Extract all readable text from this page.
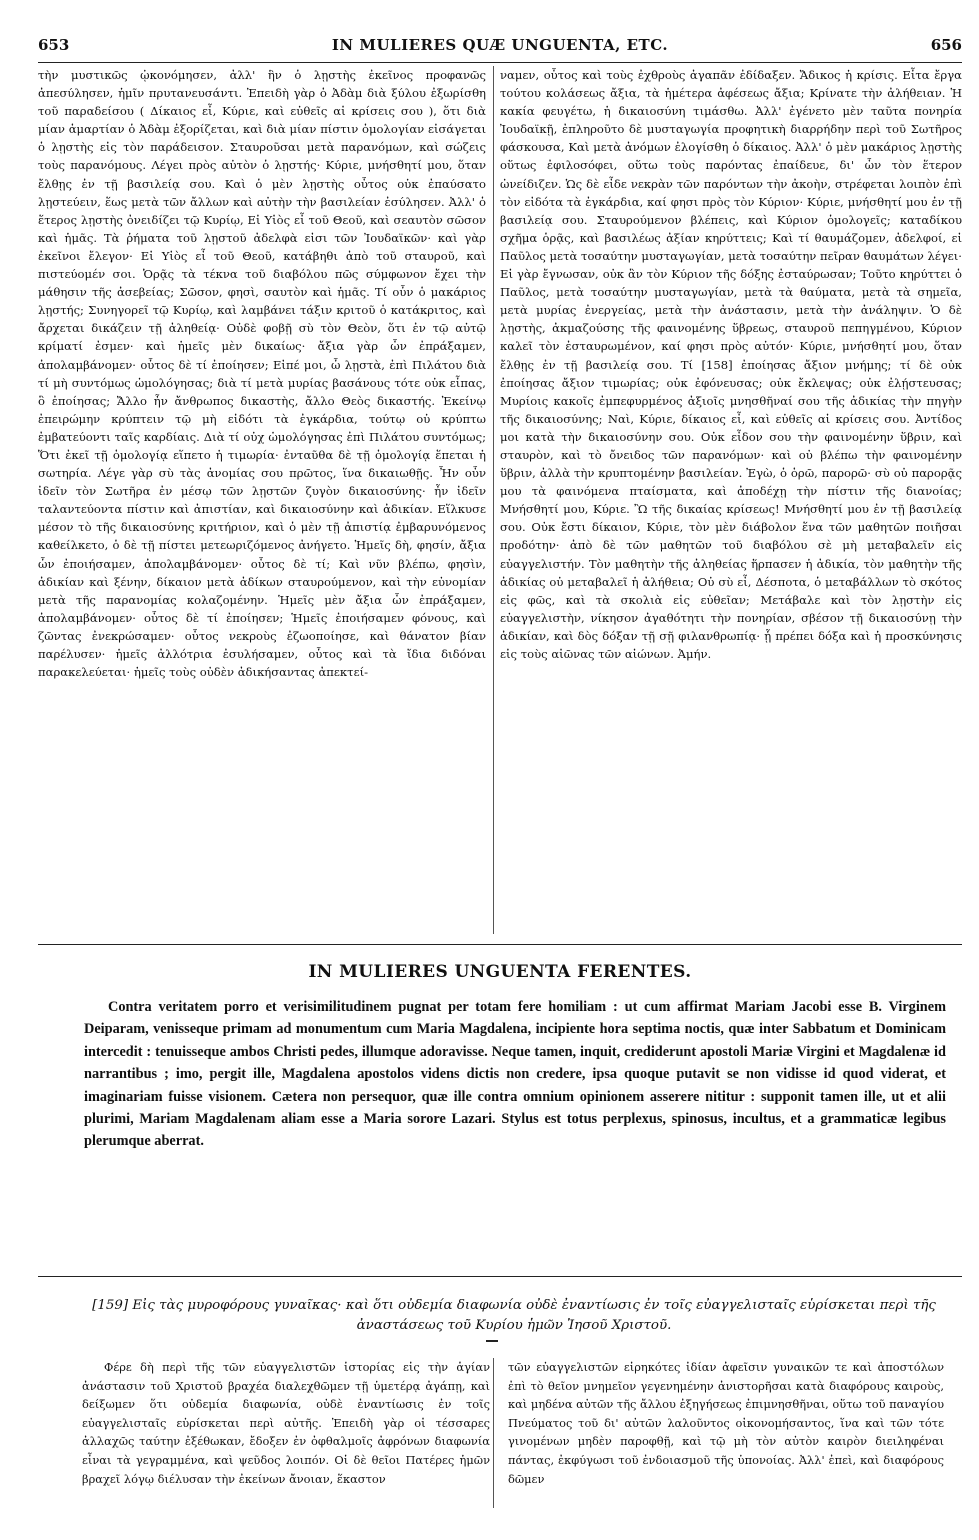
653	IN MULIERES QUÆ UNGUENTA, ETC.	656

τὴν μυστικῶς ᾠκονόμησεν, ἀλλ' ἣν ὁ λῃστὴς ἐκεῖνος προφανῶς ἀπεσύλησεν, ἡμῖν πρυτανευσάντι. Ἐπειδὴ γὰρ ὁ Ἀδὰμ διὰ ξύλου ἐξωρίσθη τοῦ παραδείσου ( Δίκαιος εἶ, Κύριε, καὶ εὐθεῖς αἱ κρίσεις σου ), ὅτι διὰ μίαν ἁμαρτίαν ὁ Ἀδὰμ ἐξορίζεται, καὶ διὰ μίαν πίστιν ὁμολογίαν εἰσάγεται ὁ λῃστὴς εἰς τὸν παράδεισον. Σταυροῦσαι μετὰ παρανόμων, καὶ σώζεις τοὺς παρανόμους. Λέγει πρὸς αὐτὸν ὁ λῃστής· Κύριε, μνήσθητί μου, ὅταν ἔλθῃς ἐν τῇ βασιλείᾳ σου. Καὶ ὁ μὲν λῃστὴς οὗτος οὐκ ἐπαύσατο λῃστεύειν, ἕως μετὰ τῶν ἄλλων καὶ αὐτὴν τὴν βασιλείαν ἐσύλησεν. Ἀλλ' ὁ ἕτερος λῃστὴς ὀνειδίζει τῷ Κυρίῳ, Εἰ Υἱὸς εἶ τοῦ Θεοῦ, καὶ σεαυτὸν σῶσον καὶ ἡμᾶς. Τὰ ῥήματα τοῦ λῃστοῦ ἀδελφὰ εἰσι τῶν Ἰουδαϊκῶν· καὶ γὰρ ἐκεῖνοι ἔλεγον· Εἰ Υἱὸς εἶ τοῦ Θεοῦ, κατάβηθι ἀπὸ τοῦ σταυροῦ, καὶ πιστεύομέν σοι. Ὁρᾷς τὰ τέκνα τοῦ διαβόλου πῶς σύμφωνον ἔχει τὴν μάθησιν τῆς ἀσεβείας; Σῶσον, φησὶ, σαυτὸν καὶ ἡμᾶς. Τί οὖν ὁ μακάριος λῃστής; Συνηγορεῖ τῷ Κυρίῳ, καὶ λαμβάνει τάξιν κριτοῦ ὁ κατάκριτος, καὶ ἄρχεται δικάζειν τῇ ἀληθείᾳ· Οὐδὲ φοβῇ σὺ τὸν Θεὸν, ὅτι ἐν τῷ αὐτῷ κρίματί ἐσμεν· καὶ ἡμεῖς μὲν δικαίως· ἄξια γὰρ ὧν ἐπράξαμεν, ἀπολαμβάνομεν· οὗτος δὲ τί ἐποίησεν; Εἰπέ μοι, ὦ λῃστὰ, ἐπὶ Πιλάτου διὰ τί μὴ συντόμως ὡμολόγησας; διὰ τί μετὰ μυρίας βασάνους τότε οὐκ εἶπας, ὃ ἐποίησας; Ἄλλο ἦν ἄνθρωπος δικαστὴς, ἄλλο Θεὸς δικαστής. Ἐκείνῳ ἐπειρώμην κρύπτειν τῷ μὴ εἰδότι τὰ ἐγκάρδια, τούτῳ οὐ κρύπτω ἐμβατεύοντι ταῖς καρδίαις. Διὰ τί οὐχ ὡμολόγησας ἐπὶ Πιλάτου συντόμως; Ὅτι ἐκεῖ τῇ ὁμολογίᾳ εἵπετο ἡ τιμωρία· ἐνταῦθα δὲ τῇ ὁμολογίᾳ ἕπεται ἡ σωτηρία. Λέγε γὰρ σὺ τὰς ἀνομίας σου πρῶτος, ἵνα δικαιωθῇς. Ἦν οὖν ἰδεῖν τὸν Σωτῆρα ἐν μέσῳ τῶν λῃστῶν ζυγὸν δικαιοσύνης· ἦν ἰδεῖν ταλαντεύοντα πίστιν καὶ ἀπιστίαν, καὶ δικαιοσύνην καὶ ἀδικίαν. Εἵλκυσε μέσον τὸ τῆς δικαιοσύνης κριτήριον, καὶ ὁ μὲν τῇ ἀπιστίᾳ ἐμβαρυνόμενος καθείλκετο, ὁ δὲ τῇ πίστει μετεωριζόμενος ἀνήγετο. Ἡμεῖς δὴ, φησίν, ἄξια ὧν ἐποιήσαμεν, ἀπολαμβάνομεν· οὗτος δὲ τί; Καὶ νῦν βλέπω, φησὶν, ἀδικίαν καὶ ξένην, δίκαιον μετὰ ἀδίκων σταυρούμενον, καὶ τὴν εὐνομίαν μετὰ τῆς παρανομίας κολαζομένην. Ἡμεῖς μὲν ἄξια ὧν ἐπράξαμεν, ἀπολαμβάνομεν· οὗτος δὲ τί ἐποίησεν; Ἡμεῖς ἐποιήσαμεν φόνους, καὶ ζῶντας ἐνεκρώσαμεν· οὗτος νεκροὺς ἐζωοποίησε, καὶ θάνατον βίαν παρέλυσεν· ἡμεῖς ἀλλότρια ἐσυλήσαμεν, οὗτος καὶ τὰ ἴδια διδόναι παρακελεύεται· ἡμεῖς τοὺς οὐδὲν ἀδικήσαντας ἀπεκτεί-

ναμεν, οὗτος καὶ τοὺς ἐχθροὺς ἀγαπᾶν ἐδίδαξεν. Ἄδικος ἡ κρίσις. Εἶτα ἔργα τούτου κολάσεως ἄξια, τὰ ἡμέτερα ἀφέσεως ἄξια; Κρίνατε τὴν ἀλήθειαν. Ἡ κακία φευγέτω, ἡ δικαιοσύνη τιμάσθω. Ἀλλ' ἐγένετο μὲν ταῦτα πονηρία Ἰουδαϊκῇ, ἐπληροῦτο δὲ μυσταγωγία προφητικὴ διαρρήδην περὶ τοῦ Σωτῆρος φάσκουσα, Καὶ μετὰ ἀνόμων ἐλογίσθη ὁ δίκαιος. Ἀλλ' ὁ μὲν μακάριος λῃστὴς οὕτως ἐφιλοσόφει, οὕτω τοὺς παρόντας ἐπαίδευε, δι' ὧν τὸν ἕτερον ὠνείδιζεν. Ὡς δὲ εἶδε νεκρὰν τῶν παρόντων τὴν ἀκοὴν, στρέφεται λοιπὸν ἐπὶ τὸν εἰδότα τὰ ἐγκάρδια, καί φησι πρὸς τὸν Κύριον· Κύριε, μνήσθητί μου ἐν τῇ βασιλείᾳ σου. Σταυρούμενον βλέπεις, καὶ Κύριον ὁμολογεῖς; καταδίκου σχῆμα ὁρᾷς, καὶ βασιλέως ἀξίαν κηρύττεις; Καὶ τί θαυμάζομεν, ἀδελφοί, εἰ Παῦλος μετὰ τοσαύτην μυσταγωγίαν, μετὰ τοσαύτην πεῖραν θαυμάτων λέγει· Εἰ γὰρ ἔγνωσαν, οὐκ ἂν τὸν Κύριον τῆς δόξης ἐσταύρωσαν; Τοῦτο κηρύττει ὁ Παῦλος, μετὰ τοσαύτην μυσταγωγίαν, μετὰ τὰ θαύματα, μετὰ τὰ σημεῖα, μετὰ μυρίας ἐνεργείας, μετὰ τὴν ἀνάστασιν, μετὰ τὴν ἀνάληψιν. Ὁ δὲ λῃστὴς, ἀκμαζούσης τῆς φαινομένης ὕβρεως, σταυροῦ πεπηγμένου, Κύριον καλεῖ τὸν ἐσταυρωμένον, καί φησι πρὸς αὐτόν· Κύριε, μνήσθητί μου, ὅταν ἔλθῃς ἐν τῇ βασιλείᾳ σου. Τί [158] ἐποίησας ἄξιον μνήμης; τί δὲ οὐκ ἐποίησας ἄξιον τιμωρίας; οὐκ ἐφόνευσας; οὐκ ἔκλεψας; οὐκ ἐλῄστευσας; Μυρίοις κακοῖς ἐμπεφυρμένος ἀξιοῖς μνησθῆναί σου τῆς ἀδικίας τὴν πηγὴν τῆς δικαιοσύνης; Ναὶ, Κύριε, δίκαιος εἶ, καὶ εὐθεῖς αἱ κρίσεις σου. Ἀντίδος μοι κατὰ τὴν δικαιοσύνην σου. Οὐκ εἶδον σου τὴν φαινομένην ὕβριν, καὶ σταυρὸν, καὶ τὸ ὄνειδος τῶν παρανόμων· καὶ οὐ βλέπω τὴν φαινομένην ὕβριν, ἀλλὰ τὴν κρυπτομένην βασιλείαν. Ἐγὼ, ὁ ὁρῶ, παρορῶ· σὺ οὐ παρορᾷς μου τὰ φαινόμενα πταίσματα, καὶ ἀποδέχῃ τὴν πίστιν τῆς διανοίας; Μνήσθητί μου, Κύριε. Ὢ τῆς δικαίας κρίσεως! Μνήσθητί μου ἐν τῇ βασιλείᾳ σου. Οὐκ ἔστι δίκαιον, Κύριε, τὸν μὲν διάβολον ἕνα τῶν μαθητῶν ποιῆσαι προδότην· ἀπὸ δὲ τῶν μαθητῶν τοῦ διαβόλου σὲ μὴ μεταβαλεῖν εἰς εὐαγγελιστήν. Τὸν μαθητὴν τῆς ἀληθείας ἥρπασεν ἡ ἀδικία, τὸν μαθητὴν τῆς ἀδικίας οὐ μεταβαλεῖ ἡ ἀλήθεια; Οὐ σὺ εἶ, Δέσποτα, ὁ μεταβάλλων τὸ σκότος εἰς φῶς, καὶ τὰ σκολιὰ εἰς εὐθεῖαν; Μετάβαλε καὶ τὸν λῃστὴν εἰς εὐαγγελιστὴν, νίκησον ἀγαθότητι τὴν πονηρίαν, σβέσον τῇ δικαιοσύνῃ τὴν ἀδικίαν, καὶ δὸς δόξαν τῇ σῇ φιλανθρωπίᾳ· ᾗ πρέπει δόξα καὶ ἡ προσκύνησις εἰς τοὺς αἰῶνας τῶν αἰώνων. Ἀμήν.

IN MULIERES UNGUENTA FERENTES.

Contra veritatem porro et verisimilitudinem pugnat per totam fere homiliam : ut cum affirmat Mariam Jacobi esse B. Virginem Deiparam, venisseque primam ad monumentum cum Maria Magdalena, incipiente hora septima noctis, quæ inter Sabbatum et Dominicam intercedit : tenuisseque ambos Christi pedes, illumque adoravisse. Neque tamen, inquit, crediderunt apostoli Mariæ Virgini et Magdalenæ id narrantibus ; imo, pergit ille, Magdalena apostolos videns dictis non credere, ipsa quoque putavit se non vidisse id quod viderat, et imaginariam fuisse visionem. Cætera non persequor, quæ ille contra omnium opinionem asserere nititur : supponit tamen ille, ut et alii plurimi, Mariam Magdalenam aliam esse a Maria sorore Lazari. Stylus est totus perplexus, spinosus, incultus, et a grammaticæ legibus plerumque aberrat.

[159] Εἰς τὰς μυροφόρους γυναῖκας· καὶ ὅτι οὐδεμία διαφωνία οὐδὲ ἐναντίωσις ἐν τοῖς εὐαγγελισταῖς εὑρίσκεται περὶ τῆς ἀναστάσεως τοῦ Κυρίου ἡμῶν Ἰησοῦ Χριστοῦ.

Φέρε δὴ περὶ τῆς τῶν εὐαγγελιστῶν ἱστορίας εἰς τὴν ἁγίαν ἀνάστασιν τοῦ Χριστοῦ βραχέα διαλεχθῶμεν τῇ ὑμετέρᾳ ἀγάπῃ, καὶ δείξωμεν ὅτι οὐδεμία διαφωνία, οὐδὲ ἐναντίωσις ἐν τοῖς εὐαγγελισταῖς εὑρίσκεται περὶ αὐτῆς. Ἐπειδὴ γὰρ οἱ τέσσαρες ἀλλαχῶς ταύτην ἐξέθωκαν, ἔδοξεν ἐν ὀφθαλμοῖς ἀφρόνων διαφωνία εἶναι τὰ γεγραμμένα, καὶ ψεῦδος λοιπόν. Οἱ δὲ θεῖοι Πατέρες ἡμῶν βραχεῖ λόγῳ διέλυσαν τὴν ἐκείνων ἄνοιαν, ἕκαστον

τῶν εὐαγγελιστῶν εἰρηκότες ἰδίαν ἀφεῖσιν γυναικῶν τε καὶ ἀποστόλων ἐπὶ τὸ θεῖον μνημεῖον γεγενημένην ἀνιστορῆσαι κατὰ διαφόρους καιροὺς, καὶ μηδένα αὐτῶν τῆς ἄλλου ἐξηγήσεως ἐπιμνησθῆναι, οὕτω τοῦ παναγίου Πνεύματος τοῦ δι' αὐτῶν λαλοῦντος οἰκονομήσαντος, ἵνα καὶ τῶν τότε γινομένων μηδὲν παροφθῇ, καὶ τῷ μὴ τὸν αὐτὸν καιρὸν διειληφέναι πάντας, ἐκφύγωσι τοῦ ἐνδοιασμοῦ τῆς ὑπονοίας. Ἀλλ' ἐπεὶ, καὶ διαφόρους δῶμεν
